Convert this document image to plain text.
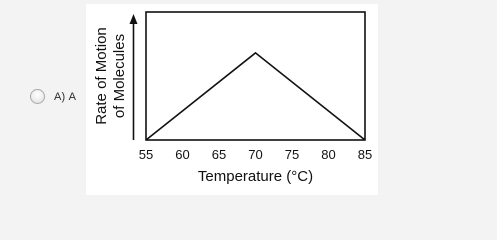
A) A
55 60 65 70 75 80 85
Temperature (°C)
Rate of Motion of Molecules
